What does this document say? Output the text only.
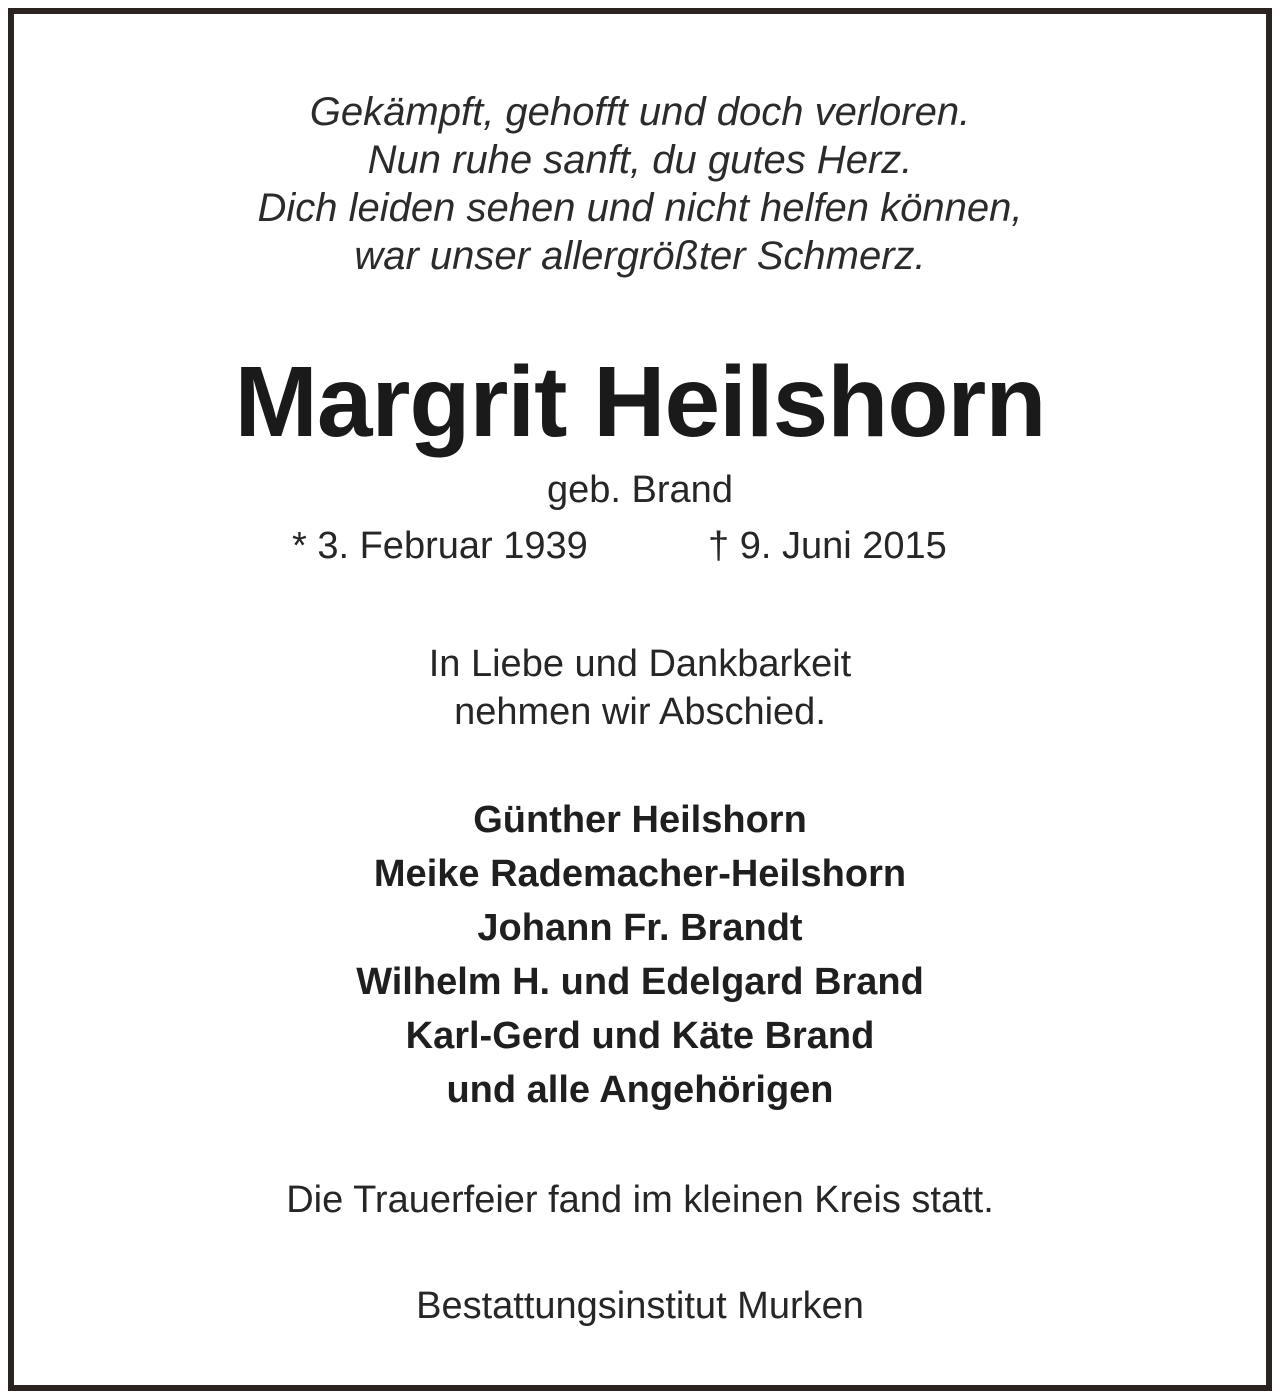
Gekämpft, gehofft und doch verloren.
Nun ruhe sanft, du gutes Herz.
Dich leiden sehen und nicht helfen können,
war unser allergrößter Schmerz.
Margrit Heilshorn
geb. Brand
* 3. Februar 1939	† 9. Juni 2015
In Liebe und Dankbarkeit
nehmen wir Abschied.
Günther Heilshorn
Meike Rademacher-Heilshorn
Johann Fr. Brandt
Wilhelm H. und Edelgard Brand
Karl-Gerd und Käte Brand
und alle Angehörigen
Die Trauerfeier fand im kleinen Kreis statt.
Bestattungsinstitut Murken
